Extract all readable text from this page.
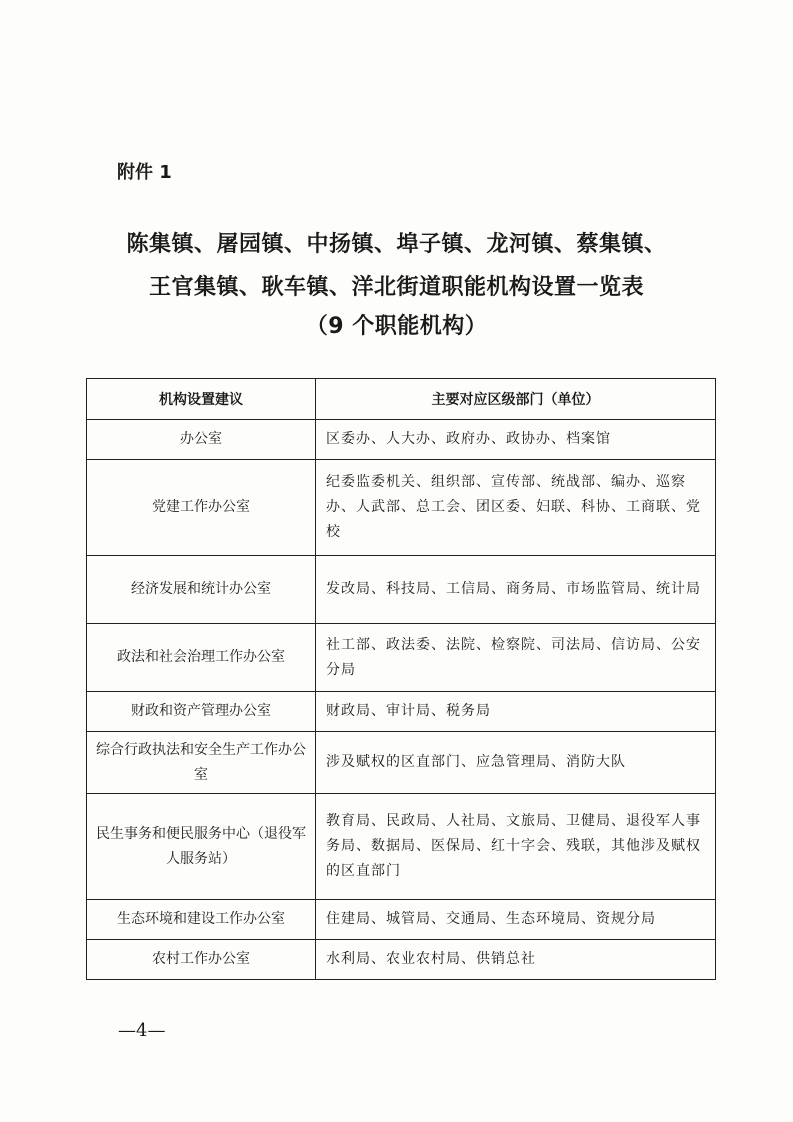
附件 1
陈集镇、屠园镇、中扬镇、埠子镇、龙河镇、蔡集镇、
王官集镇、耿车镇、洋北街道职能机构设置一览表
（9 个职能机构）
机构设置建议	主要对应区级部门（单位）
办公室	区委办、人大办、政府办、政协办、档案馆
党建工作办公室	纪委监委机关、组织部、宣传部、统战部、编办、巡察办、人武部、总工会、团区委、妇联、科协、工商联、党校
经济发展和统计办公室	发改局、科技局、工信局、商务局、市场监管局、统计局
政法和社会治理工作办公室	社工部、政法委、法院、检察院、司法局、信访局、公安分局
财政和资产管理办公室	财政局、审计局、税务局
综合行政执法和安全生产工作办公室	涉及赋权的区直部门、应急管理局、消防大队
民生事务和便民服务中心（退役军人服务站）	教育局、民政局、人社局、文旅局、卫健局、退役军人事务局、数据局、医保局、红十字会、残联，其他涉及赋权的区直部门
生态环境和建设工作办公室	住建局、城管局、交通局、生态环境局、资规分局
农村工作办公室	水利局、农业农村局、供销总社
—4—
